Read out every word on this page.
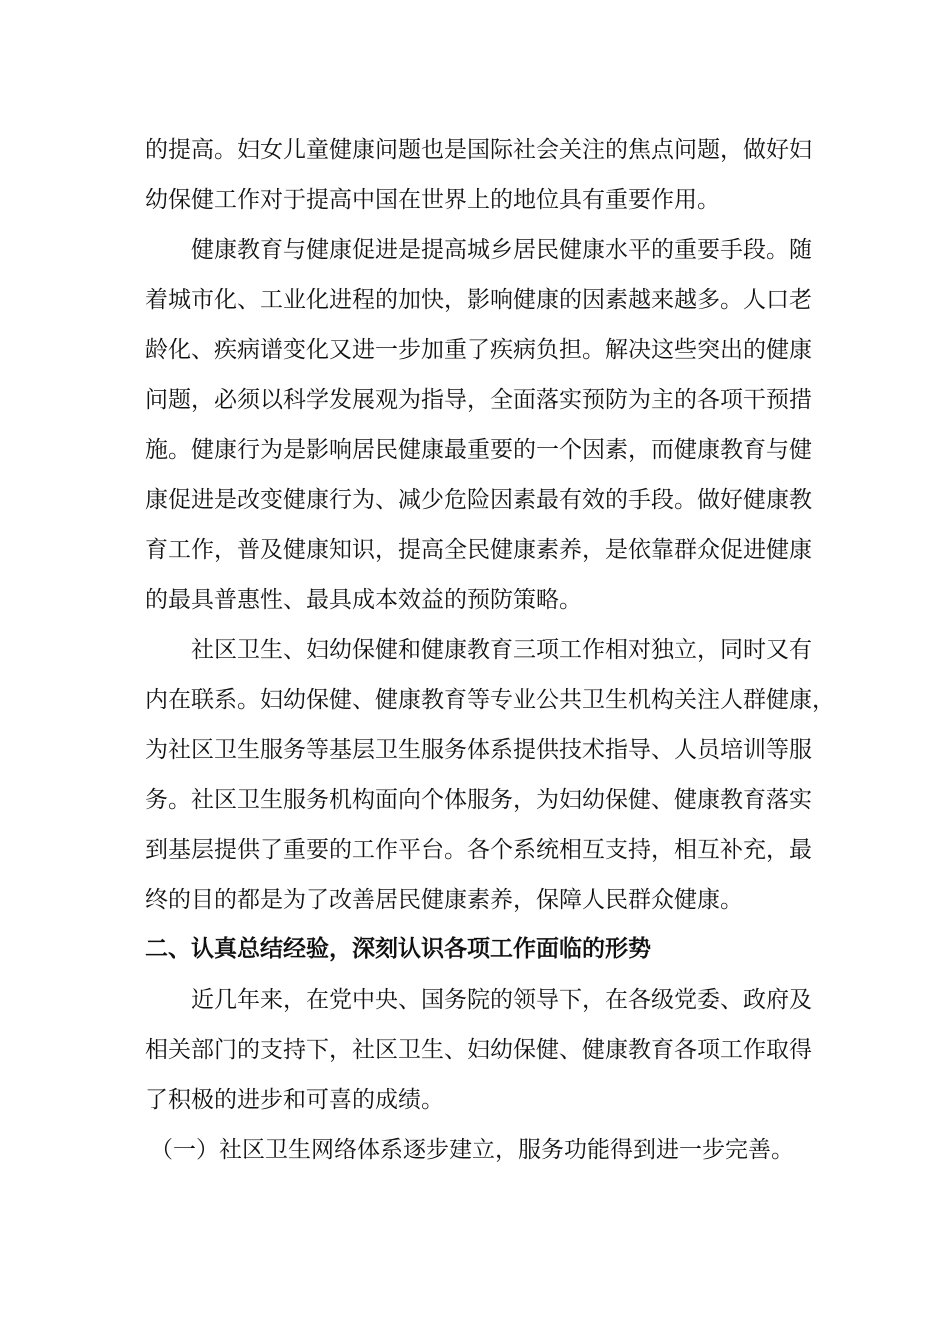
的提高。妇女儿童健康问题也是国际社会关注的焦点问题，做好妇
幼保健工作对于提高中国在世界上的地位具有重要作用。
健康教育与健康促进是提高城乡居民健康水平的重要手段。随
着城市化、工业化进程的加快，影响健康的因素越来越多。人口老
龄化、疾病谱变化又进一步加重了疾病负担。解决这些突出的健康
问题，必须以科学发展观为指导，全面落实预防为主的各项干预措
施。健康行为是影响居民健康最重要的一个因素，而健康教育与健
康促进是改变健康行为、减少危险因素最有效的手段。做好健康教
育工作，普及健康知识，提高全民健康素养，是依靠群众促进健康
的最具普惠性、最具成本效益的预防策略。
社区卫生、妇幼保健和健康教育三项工作相对独立，同时又有
内在联系。妇幼保健、健康教育等专业公共卫生机构关注人群健康，
为社区卫生服务等基层卫生服务体系提供技术指导、人员培训等服
务。社区卫生服务机构面向个体服务，为妇幼保健、健康教育落实
到基层提供了重要的工作平台。各个系统相互支持，相互补充，最
终的目的都是为了改善居民健康素养，保障人民群众健康。
二、认真总结经验，深刻认识各项工作面临的形势
近几年来，在党中央、国务院的领导下，在各级党委、政府及
相关部门的支持下，社区卫生、妇幼保健、健康教育各项工作取得
了积极的进步和可喜的成绩。
（一）社区卫生网络体系逐步建立，服务功能得到进一步完善。
